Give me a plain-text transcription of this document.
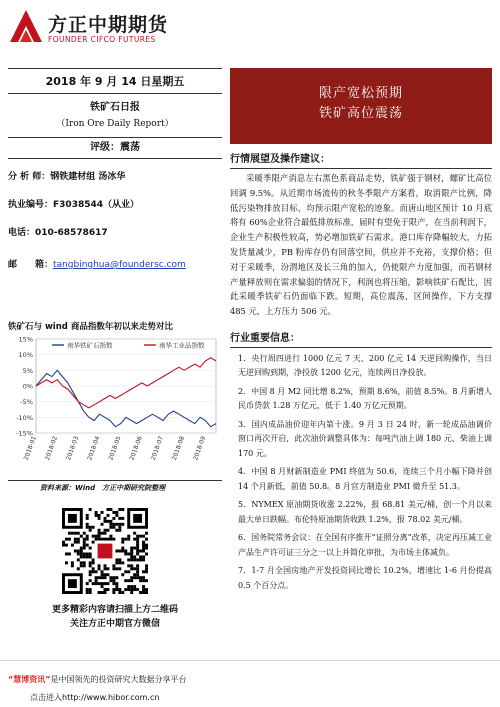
方正中期期货
FOUNDER CIFCO FUTURES
2018 年 9 月 14 日星期五
铁矿石日报
（Iron Ore Daily Report）
评级：震荡
分 析 师：钢铁建材组 汤冰华
执业编号：F3038544（从业）
电话：010-68578617
邮　　箱：tangbinghua@foundersc.com
铁矿石与 wind 商品指数年初以来走势对比
15%
10%
5%
0%
-5%
-10%
-15%
2018-01 2018-02 2018-03 2018-04 2018-05 2018-06 2018-07 2018-08 2018-09
南华铁矿石指数	南华工业品指数
资料来源：Wind　方正中期研究院整理
更多精彩内容请扫描上方二维码
关注方正中期官方微信
限产宽松预期
铁矿高位震荡
行情展望及操作建议：
采暖季限产消息左右黑色系商品走势，铁矿强于钢材，螺矿比高位回调 9.5%。从近期市场流传的秋冬季限产方案看，取消限产比例，降低污染物排放目标，均预示限产宽松的迹象。而唐山地区预计 10 月底将有 60%企业符合最低排放标准，届时有望免于限产，在当前利润下，企业生产积极性较高，势必增加铁矿石需求。港口库存降幅较大，力拓发货量减少，PB 粉库存仍有回落空间，供应并不充裕，支撑价格；但对于采暖季，汾渭地区及长三角的加入，仍使限产力度加强，而若钢材产量释放则在需求偏弱的情况下，利润也将压缩，影响铁矿石配比，因此采暖季铁矿石仍面临下跌。短期，高位震荡，区间操作，下方支撑 485 元，上方压力 506 元。
行业重要信息：
1．央行周四进行 1000 亿元 7 天、200 亿元 14 天逆回购操作，当日无逆回购到期，净投放 1200 亿元，连续两日净投放。
2．中国 8 月 M2 同比增 8.2%，预期 8.6%，前值 8.5%。8 月新增人民币贷款 1.28 万亿元，低于 1.40 万亿元预期。
3．国内成品油价迎年内第十涨。9 月 3 日 24 时，新一轮成品油调价窗口再次开启，此次油价调整具体为：每吨汽油上调 180 元、柴油上调 170 元。
4．中国 8 月财新制造业 PMI 终值为 50.6，连续三个月小幅下降并创 14 个月新低，前值 50.8。8 月官方制造业 PMI 微升至 51.3。
5．NYMEX 原油期货收涨 2.22%，报 68.81 美元/桶，创一个月以来最大单日跌幅。布伦特原油期货收跌 1.2%，报 78.02 美元/桶。
6．国务院常务会议：在全国有序推开“证照分离”改革，决定再压减工业产品生产许可证三分之一以上并简化审批，为市场主体减负。
7．1-7 月全国房地产开发投资同比增长 10.2%，增速比 1-6 月份提高 0.5 个百分点。
“慧博资讯”是中国领先的投资研究大数据分享平台
点击进入http://www.hibor.com.cn
